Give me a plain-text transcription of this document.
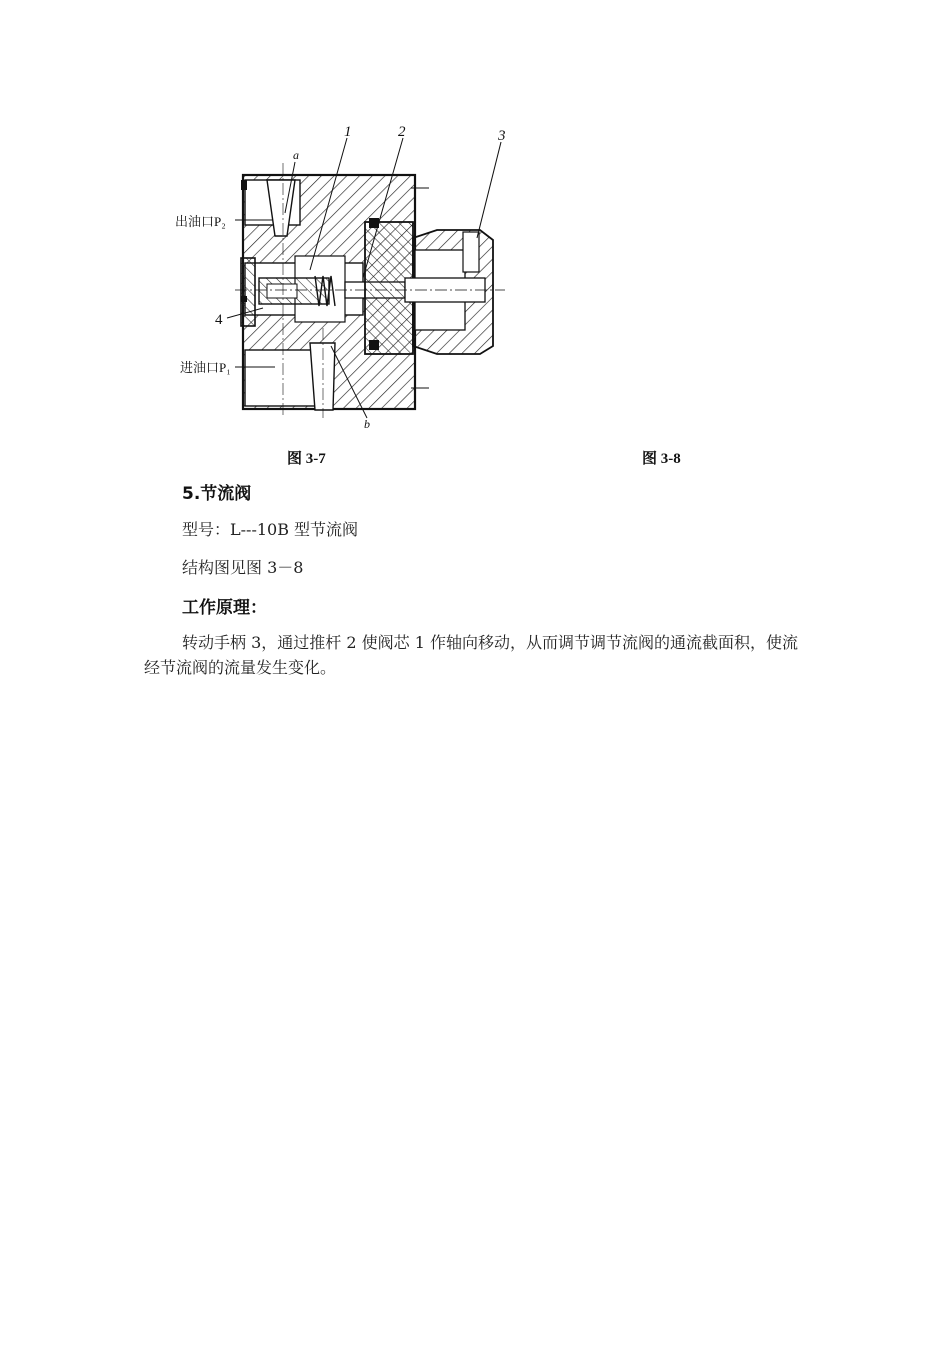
1	2	3
a
4
b
出油口P₂
进油口P₁
图 3-7	图 3-8
5.节流阀
型号：L---10B 型节流阀
结构图见图 3－8
工作原理：
转动手柄 3，通过推杆 2 使阀芯 1 作轴向移动，从而调节调节流阀的通流截面积，使流经节流阀的流量发生变化。
